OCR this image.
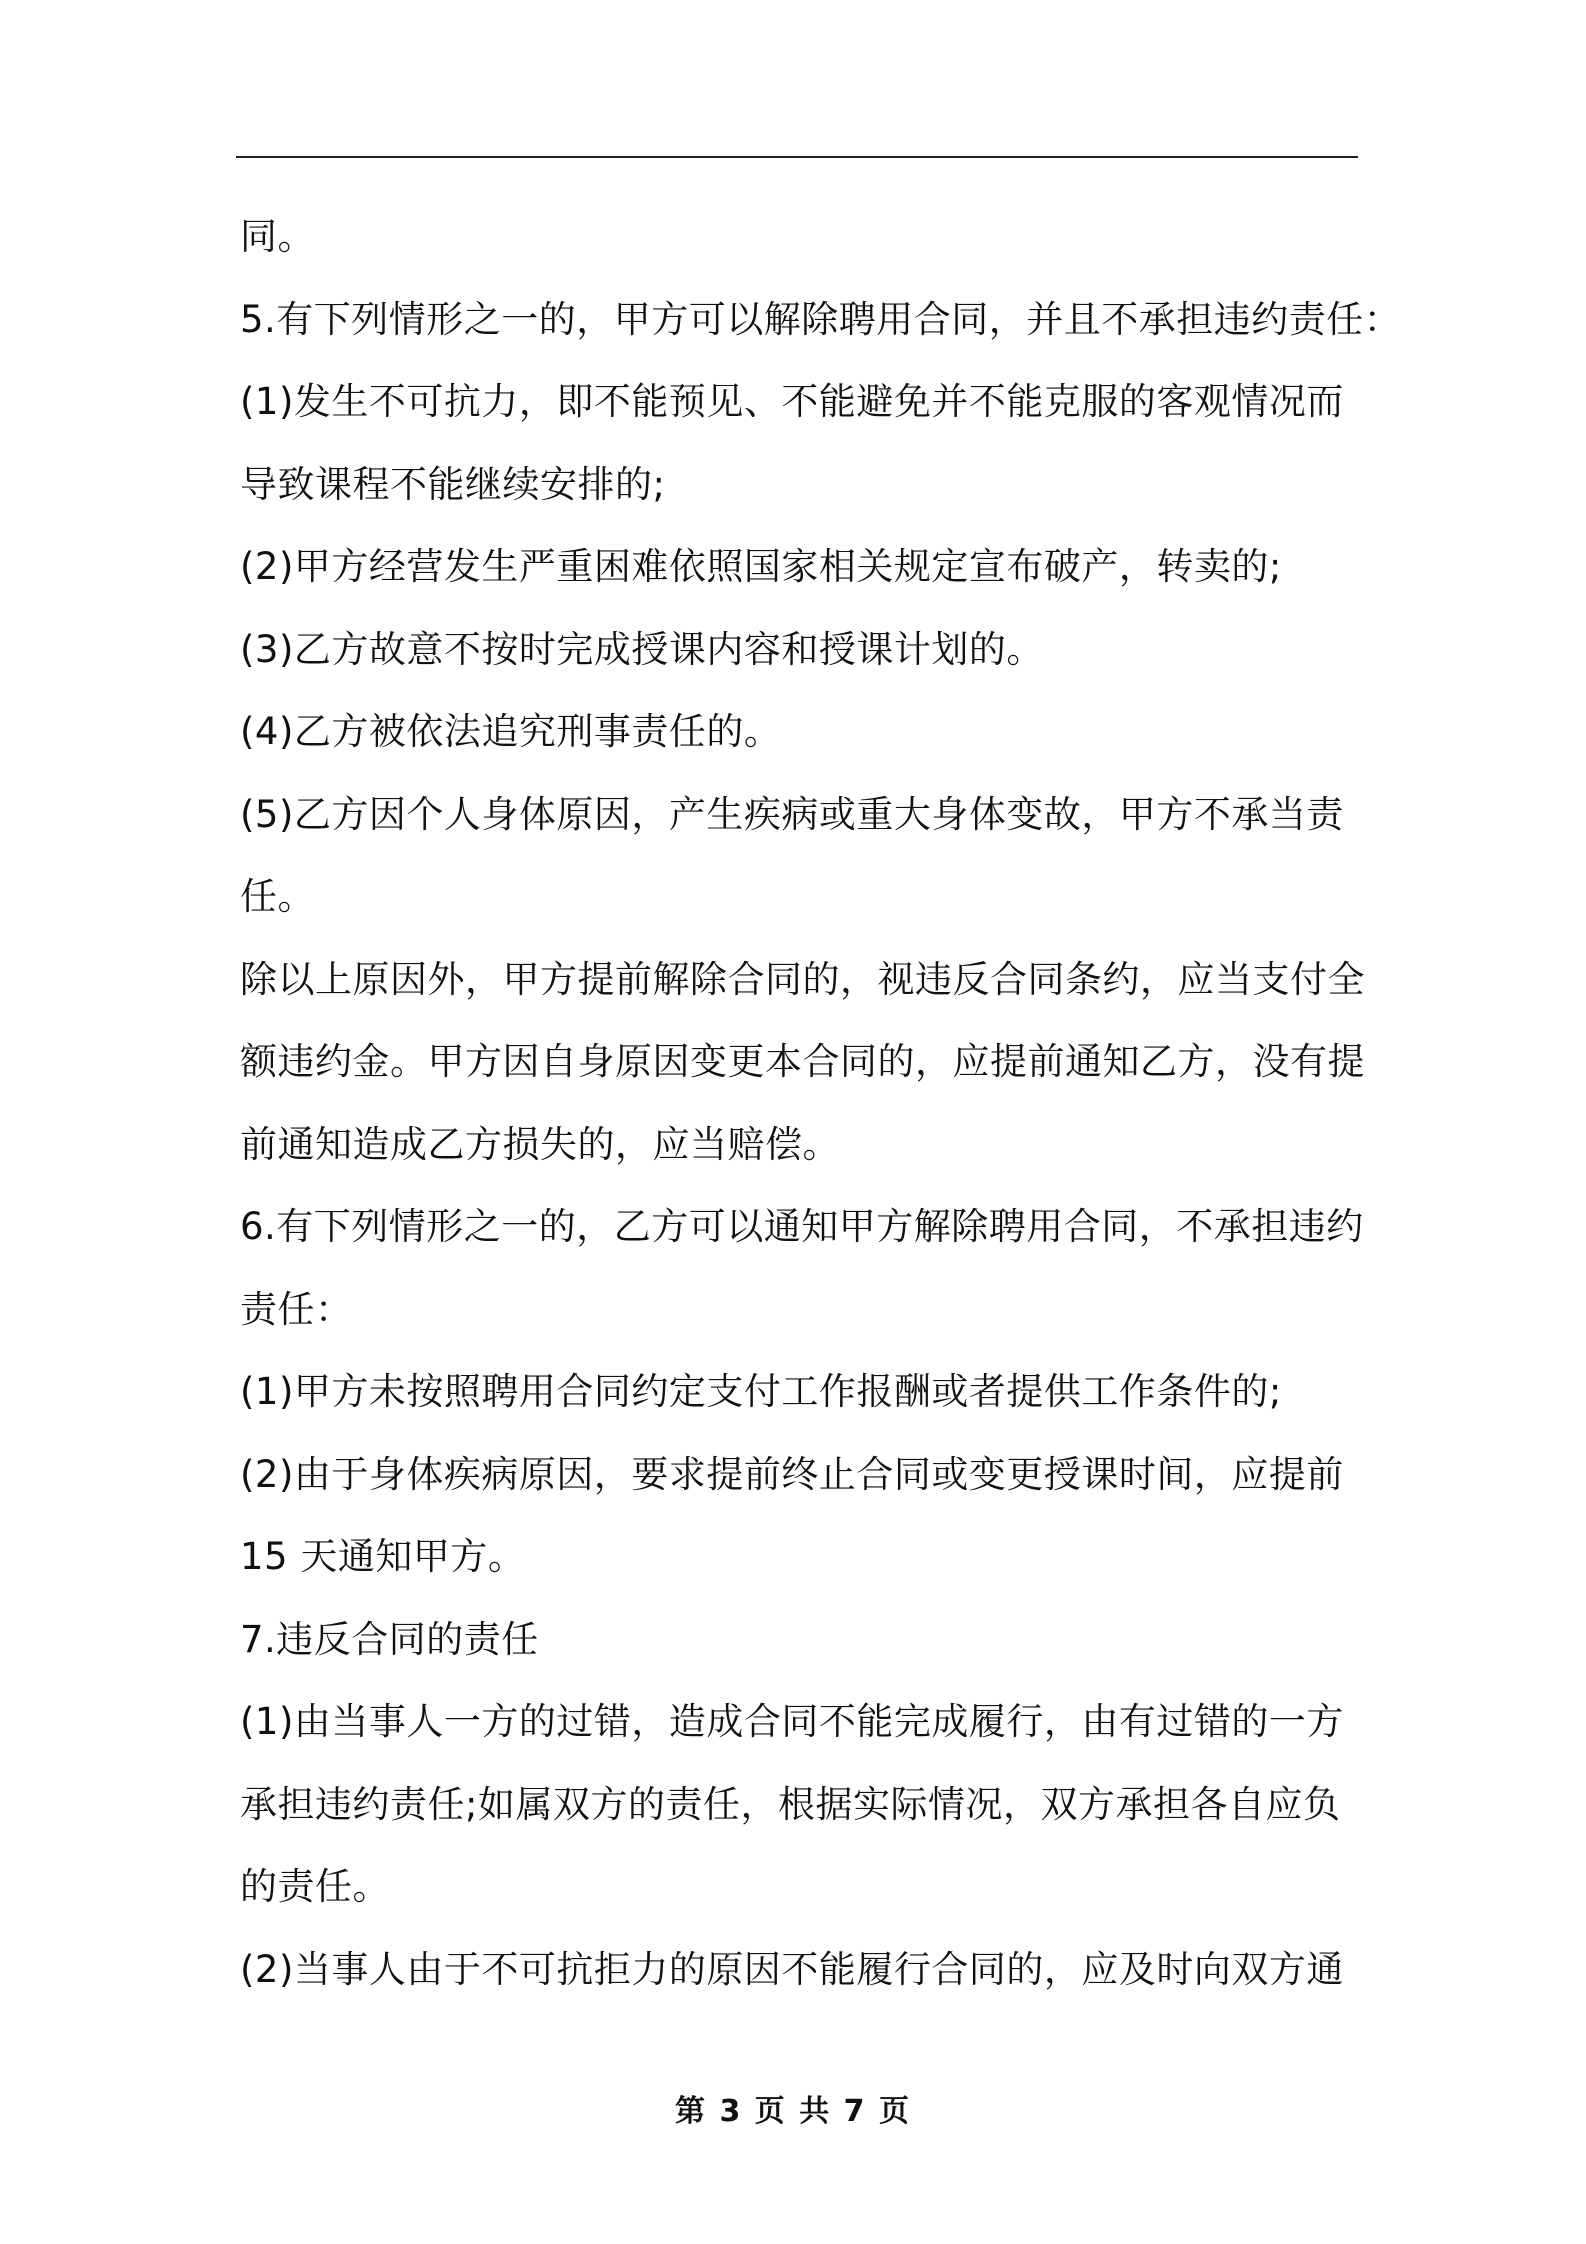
同。
5.有下列情形之一的，甲方可以解除聘用合同，并且不承担违约责任：
(1)发生不可抗力，即不能预见、不能避免并不能克服的客观情况而
导致课程不能继续安排的;
(2)甲方经营发生严重困难依照国家相关规定宣布破产，转卖的;
(3)乙方故意不按时完成授课内容和授课计划的。
(4)乙方被依法追究刑事责任的。
(5)乙方因个人身体原因，产生疾病或重大身体变故，甲方不承当责
任。
除以上原因外，甲方提前解除合同的，视违反合同条约，应当支付全
额违约金。甲方因自身原因变更本合同的，应提前通知乙方，没有提
前通知造成乙方损失的，应当赔偿。
6.有下列情形之一的，乙方可以通知甲方解除聘用合同，不承担违约
责任：
(1)甲方未按照聘用合同约定支付工作报酬或者提供工作条件的;
(2)由于身体疾病原因，要求提前终止合同或变更授课时间，应提前
15 天通知甲方。
7.违反合同的责任
(1)由当事人一方的过错，造成合同不能完成履行，由有过错的一方
承担违约责任;如属双方的责任，根据实际情况，双方承担各自应负
的责任。
(2)当事人由于不可抗拒力的原因不能履行合同的，应及时向双方通
第 3 页 共 7 页
